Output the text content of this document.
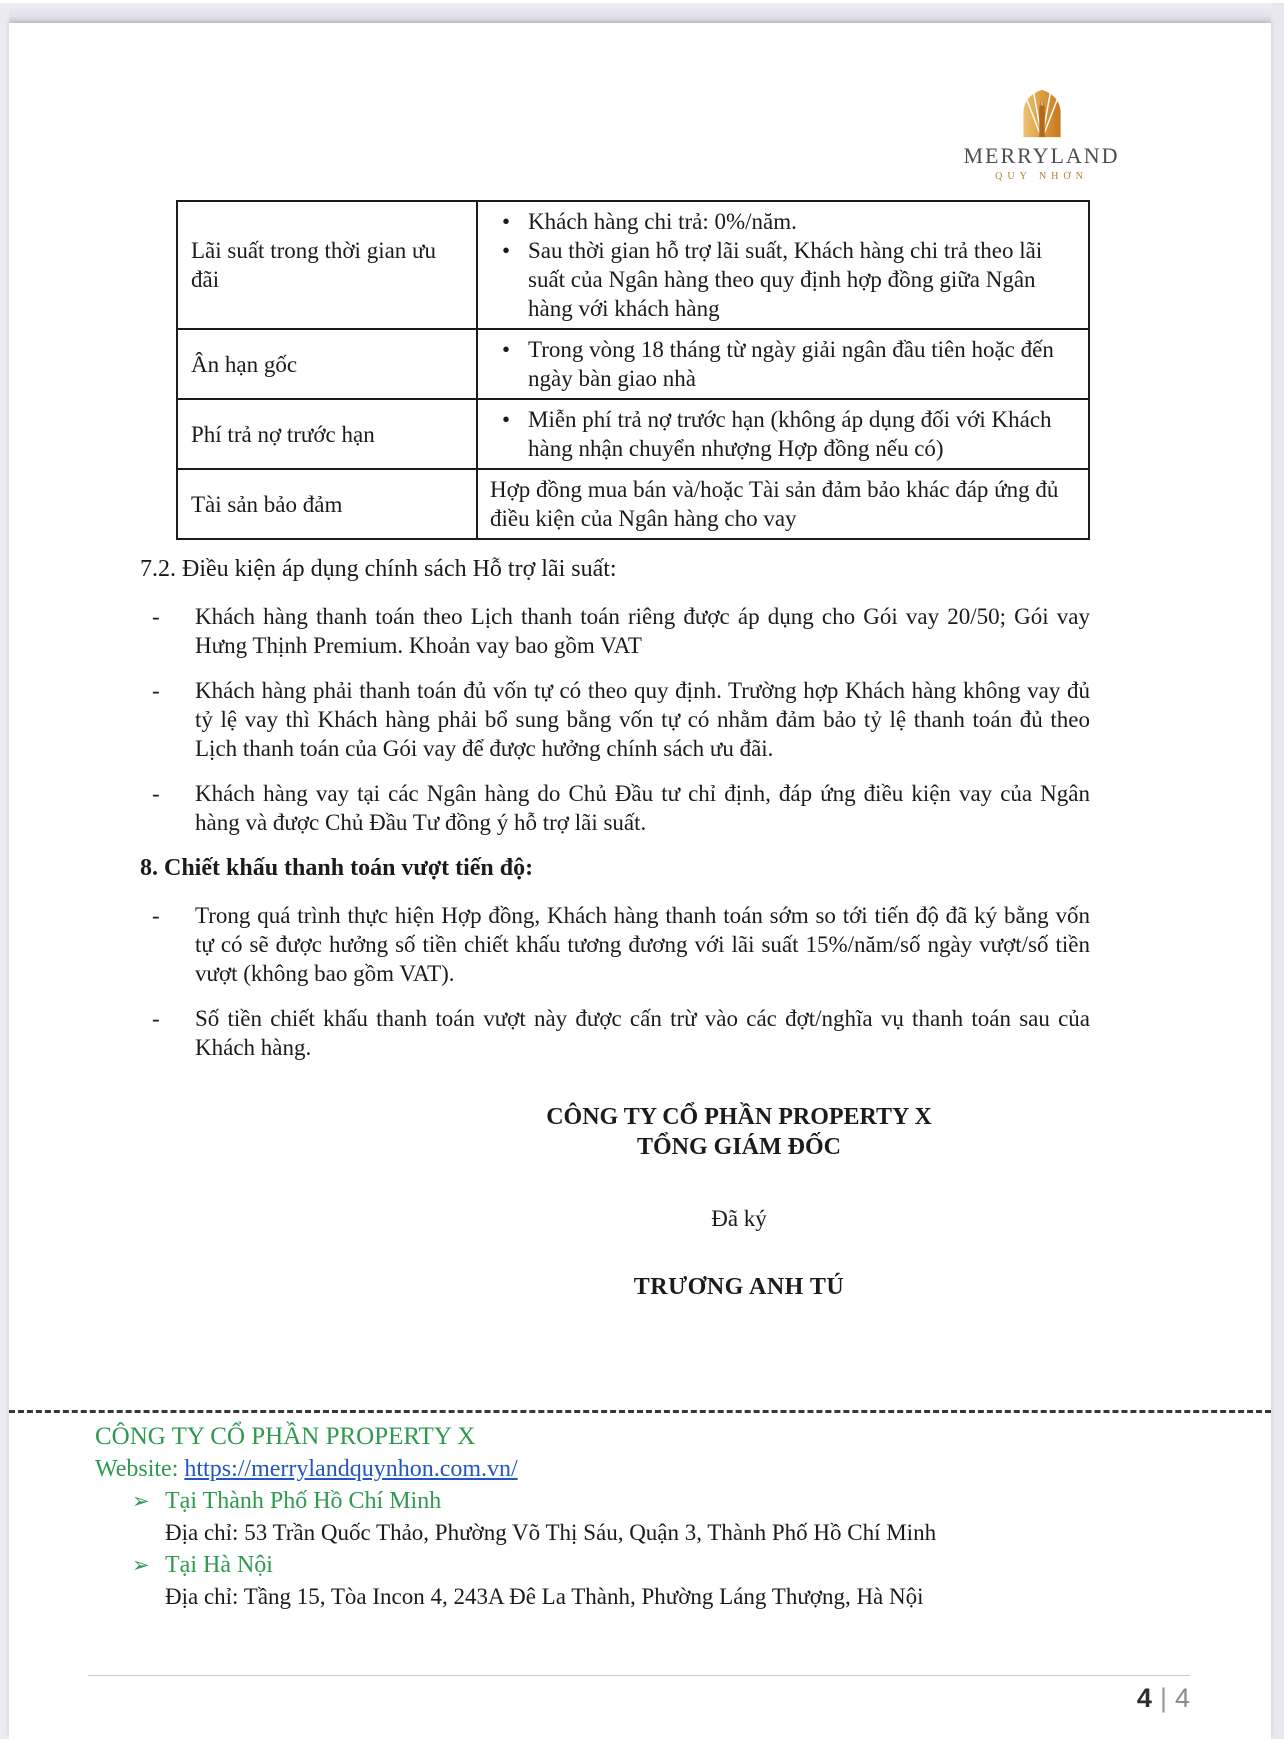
MERRYLAND
QUY NHƠN
Lãi suất trong thời gian ưu đãi	• Khách hàng chi trả: 0%/năm.
• Sau thời gian hỗ trợ lãi suất, Khách hàng chi trả theo lãi suất của Ngân hàng theo quy định hợp đồng giữa Ngân hàng với khách hàng

Ân hạn gốc	• Trong vòng 18 tháng từ ngày giải ngân đầu tiên hoặc đến ngày bàn giao nhà

Phí trả nợ trước hạn	• Miễn phí trả nợ trước hạn (không áp dụng đối với Khách hàng nhận chuyển nhượng Hợp đồng nếu có)

Tài sản bảo đảm	Hợp đồng mua bán và/hoặc Tài sản đảm bảo khác đáp ứng đủ điều kiện của Ngân hàng cho vay
7.2. Điều kiện áp dụng chính sách Hỗ trợ lãi suất:
-	Khách hàng thanh toán theo Lịch thanh toán riêng được áp dụng cho Gói vay 20/50; Gói vay Hưng Thịnh Premium. Khoản vay bao gồm VAT
-	Khách hàng phải thanh toán đủ vốn tự có theo quy định. Trường hợp Khách hàng không vay đủ tỷ lệ vay thì Khách hàng phải bổ sung bằng vốn tự có nhằm đảm bảo tỷ lệ thanh toán đủ theo Lịch thanh toán của Gói vay để được hưởng chính sách ưu đãi.
-	Khách hàng vay tại các Ngân hàng do Chủ Đầu tư chỉ định, đáp ứng điều kiện vay của Ngân hàng và được Chủ Đầu Tư đồng ý hỗ trợ lãi suất.
8. Chiết khấu thanh toán vượt tiến độ:
-	Trong quá trình thực hiện Hợp đồng, Khách hàng thanh toán sớm so tới tiến độ đã ký bằng vốn tự có sẽ được hưởng số tiền chiết khấu tương đương với lãi suất 15%/năm/số ngày vượt/số tiền vượt (không bao gồm VAT).
-	Số tiền chiết khấu thanh toán vượt này được cấn trừ vào các đợt/nghĩa vụ thanh toán sau của Khách hàng.
CÔNG TY CỔ PHẦN PROPERTY X
TỔNG GIÁM ĐỐC
Đã ký
TRƯƠNG ANH TÚ
CÔNG TY CỔ PHẦN PROPERTY X
Website: https://merrylandquynhon.com.vn/
➢ Tại Thành Phố Hồ Chí Minh
Địa chỉ: 53 Trần Quốc Thảo, Phường Võ Thị Sáu, Quận 3, Thành Phố Hồ Chí Minh
➢ Tại Hà Nội
Địa chỉ: Tầng 15, Tòa Incon 4, 243A Đê La Thành, Phường Láng Thượng, Hà Nội
4 | 4
